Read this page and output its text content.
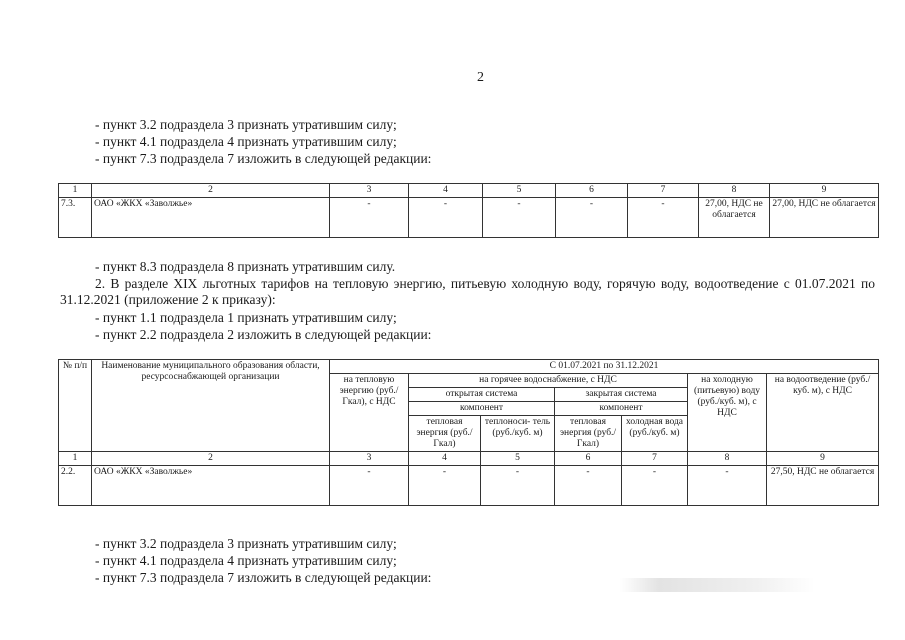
2
- пункт 3.2 подраздела 3 признать утратившим силу;
- пункт 4.1 подраздела 4 признать утратившим силу;
- пункт 7.3 подраздела 7 изложить в следующей редакции:
1	2	3	4	5	6	7	8	9
7.3.	ОАО «ЖКХ «Заволжье»	-	-	-	-	-	27,00, НДС не облагается	27,00, НДС не облагается
- пункт 8.3 подраздела 8 признать утратившим силу.
2. В разделе XIX льготных тарифов на тепловую энергию, питьевую холодную воду, горячую воду, водоотведение с 01.07.2021 по 31.12.2021 (приложение 2 к приказу):
- пункт 1.1 подраздела 1 признать утратившим силу;
- пункт 2.2 подраздела 2 изложить в следующей редакции:
№ п/п	Наименование муниципального образования области, ресурсоснабжающей организации	С 01.07.2021 по 31.12.2021						
		на тепловую энергию (руб./Гкал), с НДС	на горячее водоснабжение, с НДС				на холодную (питьевую) воду (руб./куб. м), с НДС	на водоотведение (руб./куб. м), с НДС
			открытая система		закрытая система			
			компонент		компонент			
			тепловая энергия (руб./Гкал)	теплоноси- тель (руб./куб. м)	тепловая энергия (руб./Гкал)	холодная вода (руб./куб. м)		
1	2	3	4	5	6	7	8	9
2.2.	ОАО «ЖКХ «Заволжье»	-	-	-	-	-	-	27,50, НДС не облагается
- пункт 3.2 подраздела 3 признать утратившим силу;
- пункт 4.1 подраздела 4 признать утратившим силу;
- пункт 7.3 подраздела 7 изложить в следующей редакции:
